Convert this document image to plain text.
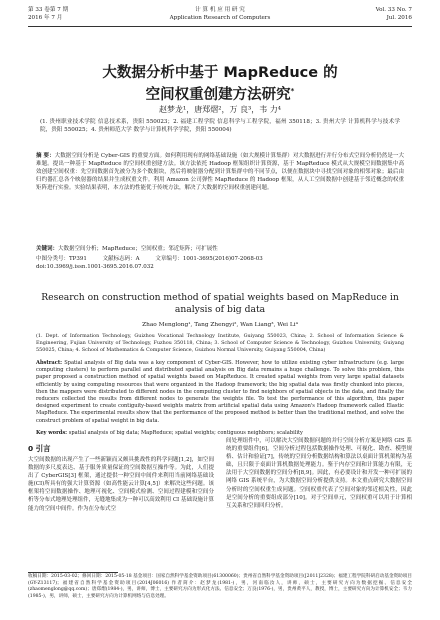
第 33 卷第 7 期
2016 年 7 月
计 算 机 应 用 研 究
Application Research of Computers
Vol. 33 No. 7
Jul. 2016
大数据分析中基于 MapReduce 的
空间权重创建方法研究*
赵梦龙¹，唐郑熠²，万 良³，韦 力⁴
(1. 贵州职业技术学院 信息技术系，贵阳 550023；2. 福建工程学院 信息科学与工程学院，福州 350118；3. 贵州大学 计算机科学与技术学院，贵阳 550025；4. 贵州师范大学 数学与计算机科学学院，贵阳 550004)
摘 要：大数据空间分析是 Cyber-GIS 的重要方面。如何利用现有的网络基础设施（如大规模计算集群）对大数据进行并行分布式空间分析仍然是一大难题。提出一种基于 MapReduce 的空间权重创建方法。该方法依托 Hadoop 框架组织计算资源，基于 MapReduce 模式从大规模空间数据集中高效创建空间权重：先空间数据首先被分为多个数据块，然后将映射器分配到计算集群中的不同节点，以便在数据块中寻找空间对象的相邻对象；最后由归约器汇总各个映射器的结果并生成权重文件。利用 Amazon 公司弹性 MapReduce 的 Hadoop 框架，从人工空间数据中创建基于邻近概念的权重矩阵进行实验。实验结果表明，本方法的性能优于传统方法，解决了大数据的空间权重创建问题。
关键词：大数据空间分析；MapReduce；空间权重；邻近矩阵；可扩展性
中图分类号：TP391	文献标志码：A	文章编号：1001-3695(2016)07-2068-03
doi:10.3969/j.issn.1001-3695.2016.07.032
Research on construction method of spatial weights based on MapReduce in analysis of big data
Zhao Menglong¹, Tang Zhengyi², Wan Liang³, Wei Li⁴
(1. Dept. of Information Technology, Guizhou Vocational Technology Institute, Guiyang 550023, China; 2. School of Information Science & Engineering, Fujian University of Technology, Fuzhou 350118, China; 3. School of Computer Science & Technology, Guizhou University, Guiyang 550025, China; 4. School of Mathematics & Computer Science, Guizhou Normal University, Guiyang 550004, China)
Abstract: Spatial analysis of Big data was a key component of Cyber-GIS. However, how to utilize existing cyber infrastructure (e.g. large computing clusters) to perform parallel and distributed spatial analysis on Big data remains a huge challenge. To solve this problem, this paper proposed a construction method of spatial weights based on MapReduce. It created spatial weights from very large spatial datasets efficiently by using computing resources that were organized in the Hadoop framework; the big spatial data was firstly chunked into pieces, then the mappers were distributed to different nodes in the computing cluster to find neighbors of spatial objects in the data, and finally the reducers collected the results from different nodes to generate the weights file. To test the performance of this algorithm, this paper designed experiment to create contiguity-based weights matrix from artificial spatial data using Amazon's Hadoop framework called Elastic MapReduce. The experimental results show that the performance of the proposed method is better than the traditional method, and solve the construct problem of spatial weight in big data.
Key words: spatial analysis of big data; MapReduce; spatial weights; contiguous neighbors; scalability
0 引言
大空间数据的出现产生了一些新颖而又颇具挑战性的科学问题[1,2]，如空间数据的多尺度表达、基于服务质量保证的空间数据互操作等。为此，人们提出了 CyberGIS[3] 框架，通过提供一种空间中间件来利用当前网络基础设施(CI)所具有的强大计算资源（如高性能云计算[4,5]）来解决这些问题。该框架将空间数据操作、地理可视化、空间模式检测、空间过程建模和空间分析等分布式地理处理组件，无缝地集成为一种可以高效利用 CI 基础设施计算能力的空间中间件。作为在分布式空
间处理组件中，可以解决大空间数据问题的并行空间分析方案是网络 GIS 系统的重要组件[6]。空间分析过程包括数据操作处理、可视化、勘查、模型规格、估计和验证[7]，传统的空间分析数据结构和算法以桌面计算机架构为基础，且只限于桌面计算机数据处理能力。鉴于内存空间和计算能力有限，无法用于大空间数据的空间分析[8,9]。因此，有必要设计和开发一种可扩展的网络 GIS 系统平台，为大数据空间分析提供支持。本文重点研究大数据空间分析时的空间权重生成问题。空间权重代表了空间对象的邻近相关性，因此是空间分析的重要组成部分[10]。对于空间单元，空间权重可以用于计算相互关系和空间回归分析。
收稿日期：2015-03-02；修回日期：2015-05-18 基金项目：国家自然科学基金资助项目(61300060)；贵州省自然科学基金资助项目([2011]2328)；福建工程学院科研启动基金资助项目(GY-Z13117)；福建省自然科学基金资助项目(2014J06016) 作者简介：赵梦龙(1981-)，男，河南临汝人，讲师，硕士，主要研究方向为数据挖掘、信息安全(zhaomenglong@qq.com)；唐郑熠(1984-)，男，讲师，博士，主要研究方向为形式化方法、信息安全；万良(1976-)，男，贵州黄平人，教授，博士，主要研究方向为计算机安全；韦力(1985-)，男，讲师，硕士，主要研究方向为计算机网络与信息处理。
